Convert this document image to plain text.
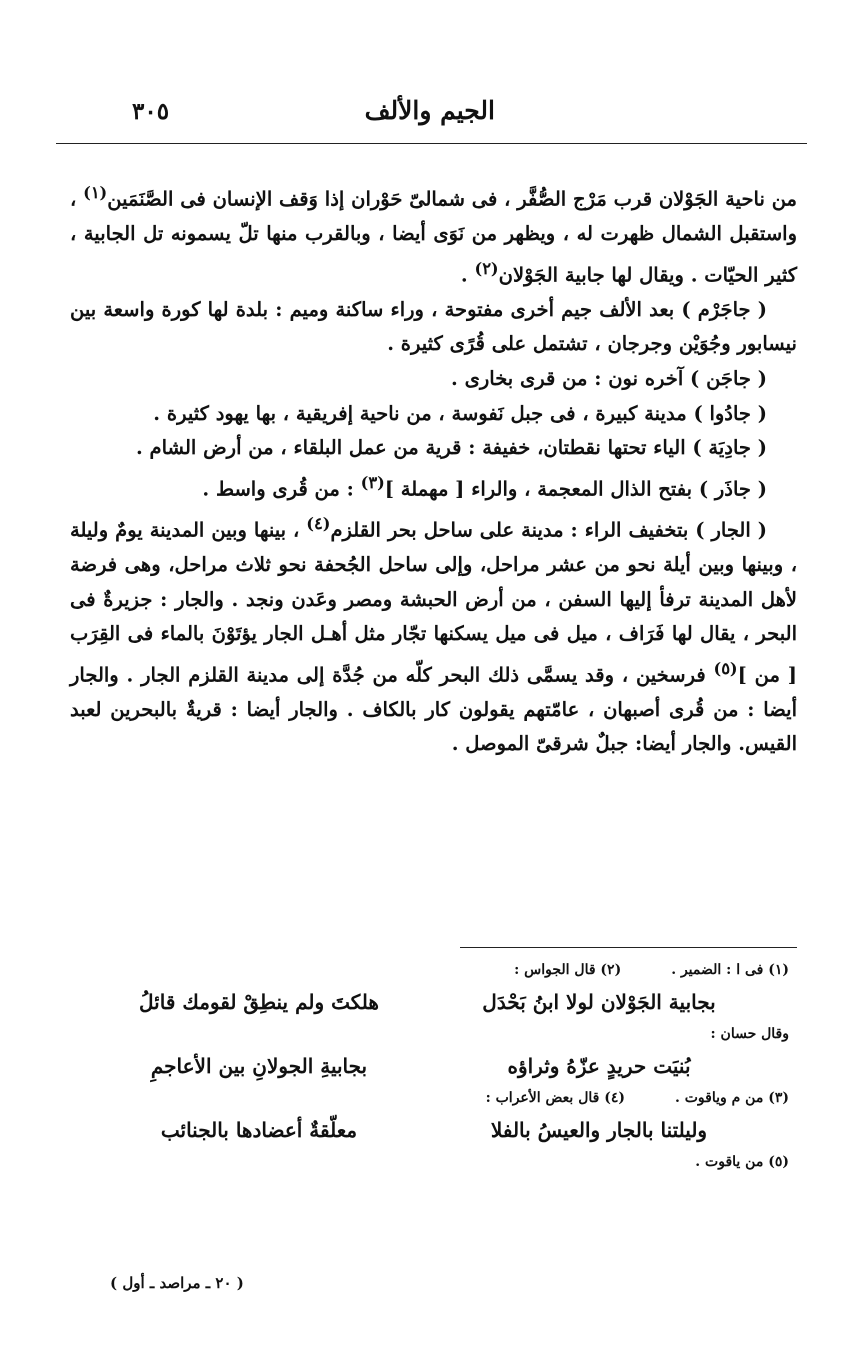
الجيم والألف
٣٠٥

من ناحية الجَوْلان قرب مَرْج الصُّفَّر ، فى شمالىّ حَوْران إذا وَقف الإنسان فى الصَّنَمَين$^{(١)}$ ، واستقبل الشمال ظهرت له ، ويظهر من نَوَى أيضا ، وبالقرب منها تلّ يسمونه تل الجابية ، كثير الحيّات . ويقال لها جابية الجَوْلان$^{(٢)}$ .

( جاجَرْم ) بعد الألف جيم أخرى مفتوحة ، وراء ساكنة وميم : بلدة لها كورة واسعة بين نيسابور وجُوَيْن وجرجان ، تشتمل على قُرًى كثيرة .

( جاجَن ) آخره نون : من قرى بخارى .

( جادُوا ) مدينة كبيرة ، فى جبل نَفوسة ، من ناحية إفريقية ، بها يهود كثيرة .

( جادِيَة ) الياء تحتها نقطتان، خفيفة : قرية من عمل البلقاء ، من أرض الشام .

( جاذَر ) بفتح الذال المعجمة ، والراء [ مهملة ]$^{(٣)}$ : من قُرى واسط .

( الجار ) بتخفيف الراء : مدينة على ساحل بحر القلزم$^{(٤)}$ ، بينها وبين المدينة يومٌ وليلة ، وبينها وبين أيلة نحو من عشر مراحل، وإلى ساحل الجُحفة نحو ثلاث مراحل، وهى فرضة لأهل المدينة ترفأ إليها السفن ، من أرض الحبشة ومصر وعَدن ونجد . والجار : جزيرةٌ فى البحر ، يقال لها فَرَاف ، ميل فى ميل يسكنها تجّار مثل أهـل الجار يؤتَوْنَ بالماء فى القِرَب [ من ]$^{(٥)}$ فرسخين ، وقد يسمَّى ذلك البحر كلّه من جُدَّة إلى مدينة القلزم الجار . والجار أيضا : من قُرى أصبهان ، عامّتهم يقولون كار بالكاف . والجار أيضا : قريةٌ بالبحرين لعبد القيس. والجار أيضا: جبلٌ شرقىّ الموصل .

(١) فى ا : الضمير .(٢) قال الجواس :
بجابية الجَوْلان لولا ابنُ بَحْدَل
هلكتَ ولم ينطِقْ لقومك قائلُ
وقال حسان :
بُنيَت حريدٍ عزّهُ وثراؤه
بجابيةِ الجولانِ بين الأعاجمِ
(٣) من م وياقوت .(٤) قال بعض الأعراب :
وليلتنا بالجار والعيسُ بالفلا
معلّقةٌ أعضادها بالجنائب
(٥) من ياقوت .
( ٢٠ ـ مراصد ـ أول )
